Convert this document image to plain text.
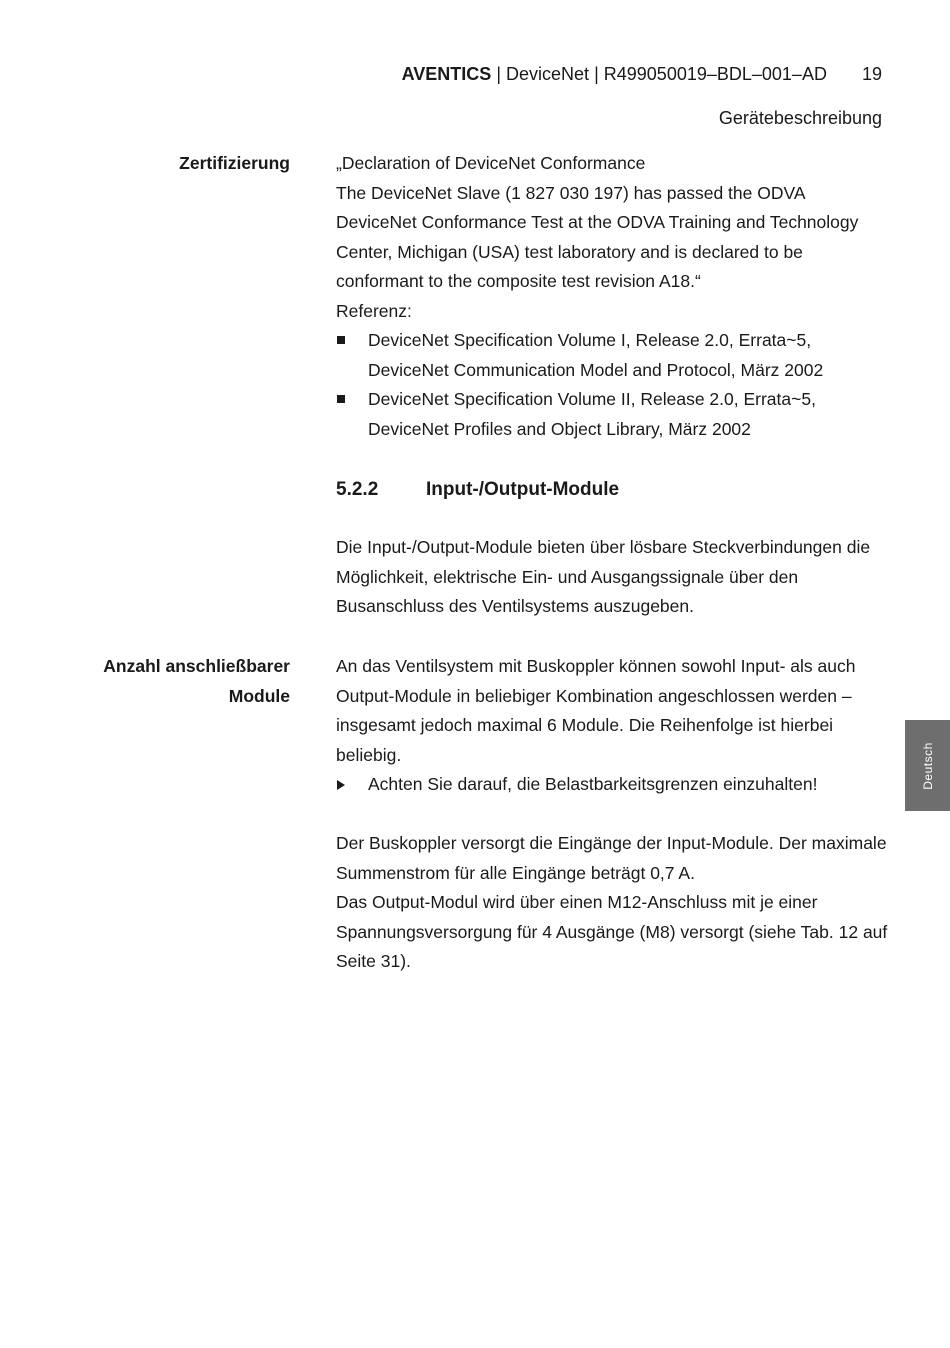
AVENTICS | DeviceNet | R499050019–BDL–001–AD 19
Gerätebeschreibung
Zertifizierung	„Declaration of DeviceNet Conformance

The DeviceNet Slave (1 827 030 197) has passed the ODVA DeviceNet Conformance Test at the ODVA Training and Technology Center, Michigan (USA) test laboratory and is declared to be conformant to the composite test revision A18.“

Referenz:

DeviceNet Specification Volume I, Release 2.0, Errata~5, DeviceNet Communication Model and Protocol, März 2002
DeviceNet Specification Volume II, Release 2.0, Errata~5, DeviceNet Profiles and Object Library, März 2002
5.2.2	Input-/Output-Module

Die Input-/Output-Module bieten über lösbare Steckverbindungen die Möglichkeit, elektrische Ein- und Ausgangssignale über den Busanschluss des Ventilsystems auszugeben.

Anzahl anschließbarer
Module

An das Ventilsystem mit Buskoppler können sowohl Input- als auch Output-Module in beliebiger Kombination angeschlossen werden – insgesamt jedoch maximal 6 Module. Die Reihenfolge ist hierbei beliebig.

Achten Sie darauf, die Belastbarkeitsgrenzen einzuhalten!

Der Buskoppler versorgt die Eingänge der Input-Module. Der maximale Summenstrom für alle Eingänge beträgt 0,7 A.

Das Output-Modul wird über einen M12-Anschluss mit je einer Spannungsversorgung für 4 Ausgänge (M8) versorgt (siehe Tab. 12 auf Seite 31).

Deutsch
